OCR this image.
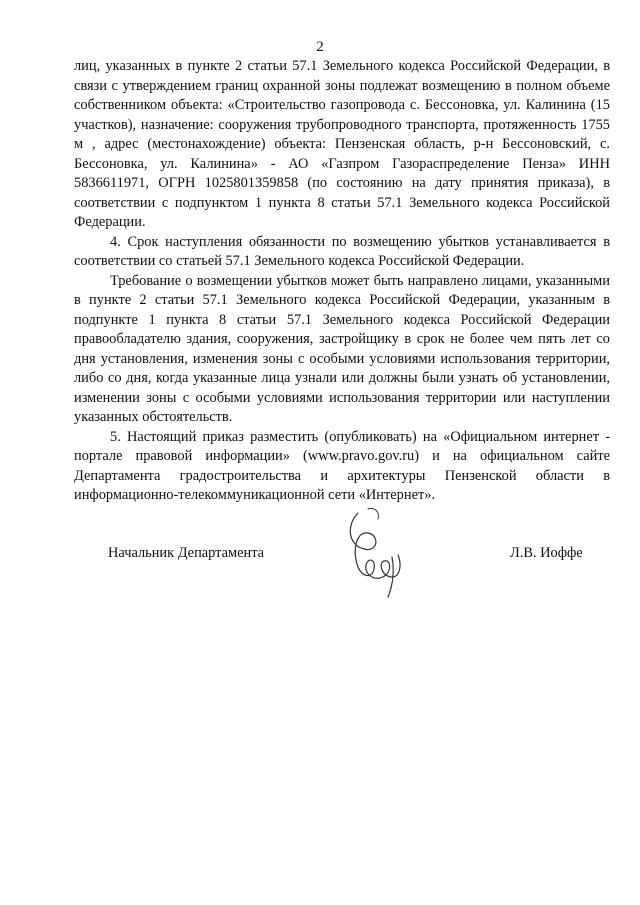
2

лиц, указанных в пункте 2 статьи 57.1 Земельного кодекса Российской Федерации, в связи с утверждением границ охранной зоны подлежат возмещению в полном объеме собственником объекта: «Строительство газопровода с. Бессоновка, ул. Калинина (15 участков), назначение: сооружения трубопроводного транспорта, протяженность 1755 м , адрес (местонахождение) объекта: Пензенская область, р-н Бессоновский, с. Бессоновка, ул. Калинина» - АО «Газпром Газораспределение Пенза» ИНН 5836611971, ОГРН 1025801359858 (по состоянию на дату принятия приказа), в соответствии с подпунктом 1 пункта 8 статьи 57.1 Земельного кодекса Российской Федерации.

4. Срок наступления обязанности по возмещению убытков устанавливается в соответствии со статьей 57.1 Земельного кодекса Российской Федерации.

Требование о возмещении убытков может быть направлено лицами, указанными в пункте 2 статьи 57.1 Земельного кодекса Российской Федерации, указанным в подпункте 1 пункта 8 статьи 57.1 Земельного кодекса Российской Федерации правообладателю здания, сооружения, застройщику в срок не более чем пять лет со дня установления, изменения зоны с особыми условиями использования территории, либо со дня, когда указанные лица узнали или должны были узнать об установлении, изменении зоны с особыми условиями использования территории или наступлении указанных обстоятельств.

5. Настоящий приказ разместить (опубликовать) на «Официальном интернет - портале правовой информации» (www.pravo.gov.ru) и на официальном сайте Департамента градостроительства и архитектуры Пензенской области в информационно-телекоммуникационной сети «Интернет».

Начальник Департамента	Л.В. Иоффе
